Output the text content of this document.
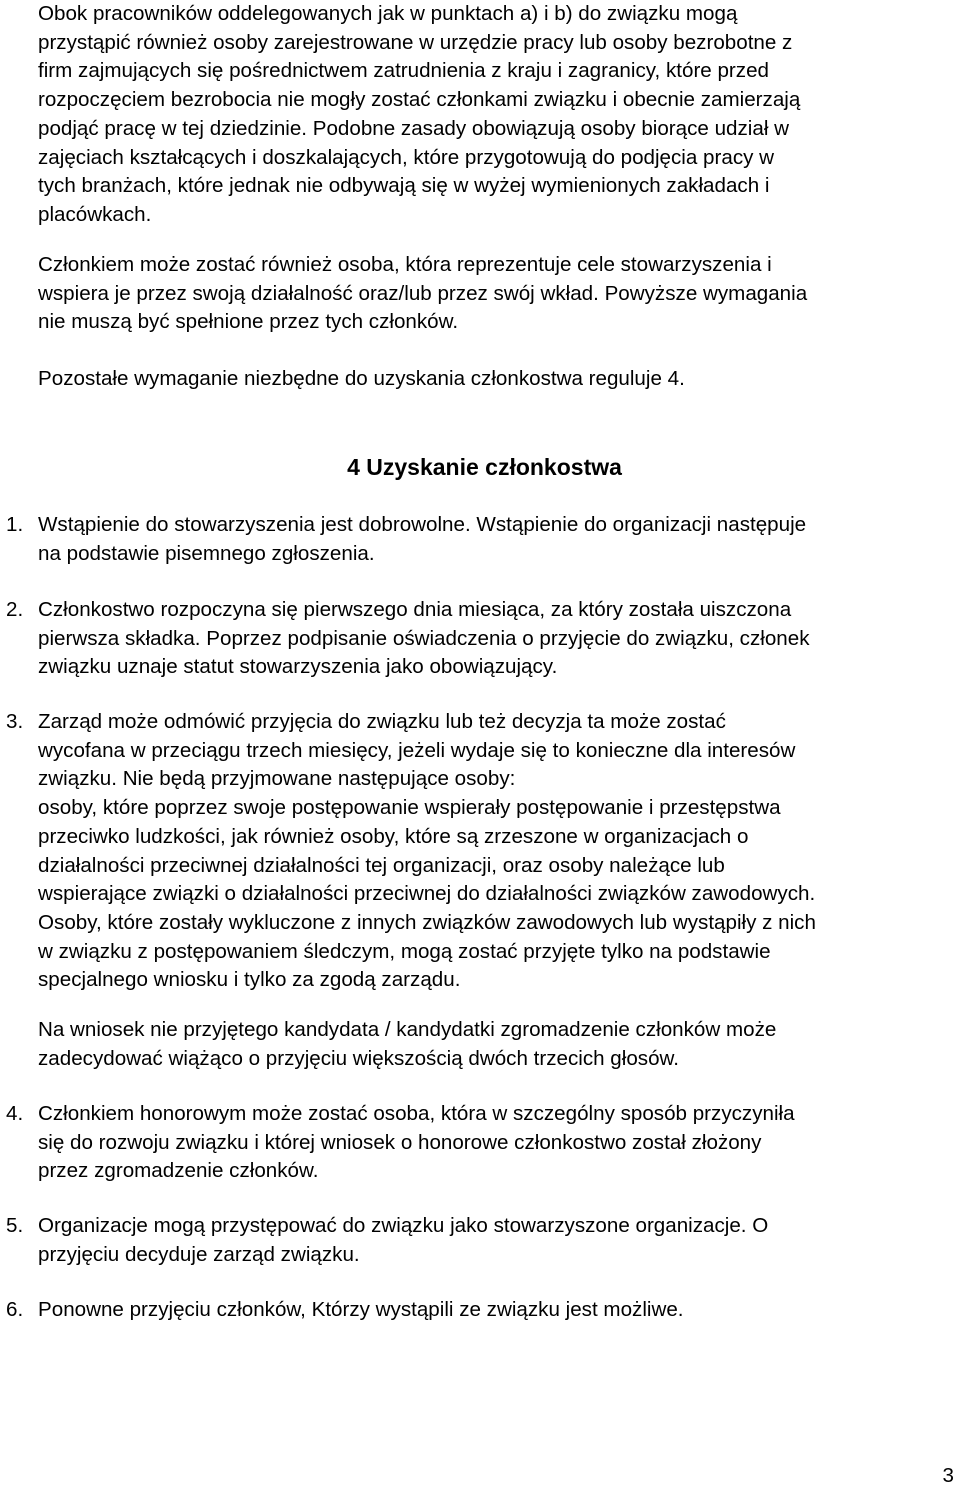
Obok pracowników oddelegowanych jak w punktach a) i b) do związku mogą
przystąpić również osoby zarejestrowane w urzędzie pracy lub osoby bezrobotne z
firm zajmujących się pośrednictwem zatrudnienia z kraju i zagranicy, które przed
rozpoczęciem bezrobocia nie mogły zostać członkami związku i obecnie zamierzają
podjąć pracę w tej dziedzinie. Podobne zasady obowiązują osoby biorące udział w
zajęciach kształcących i doszkalających, które przygotowują do podjęcia pracy w
tych branżach, które jednak nie odbywają się w wyżej wymienionych zakładach i
placówkach.
Członkiem może zostać również osoba, która reprezentuje cele stowarzyszenia i
wspiera je przez swoją działalność oraz/lub przez swój wkład. Powyższe wymagania
nie muszą być spełnione przez tych członków.
Pozostałe wymaganie niezbędne do uzyskania członkostwa reguluje 4.
4 Uzyskanie członkostwa
1. Wstąpienie do stowarzyszenia jest dobrowolne. Wstąpienie do organizacji następuje
na podstawie pisemnego zgłoszenia.
2. Członkostwo rozpoczyna się pierwszego dnia miesiąca, za który została uiszczona
pierwsza składka. Poprzez podpisanie oświadczenia o przyjęcie do związku, członek
związku uznaje statut stowarzyszenia jako obowiązujący.
3. Zarząd może odmówić przyjęcia do związku lub też decyzja ta może zostać
wycofana w przeciągu trzech miesięcy, jeżeli wydaje się to konieczne dla interesów
związku. Nie będą przyjmowane następujące osoby:
osoby, które poprzez swoje postępowanie wspierały postępowanie i przestępstwa
przeciwko ludzkości, jak również osoby, które są zrzeszone w organizacjach o
działalności przeciwnej działalności tej organizacji, oraz osoby należące lub
wspierające związki o działalności przeciwnej do działalności związków zawodowych.
Osoby, które zostały wykluczone z innych związków zawodowych lub wystąpiły z nich
w związku z postępowaniem śledczym, mogą zostać przyjęte tylko na podstawie
specjalnego wniosku i tylko za zgodą zarządu.
Na wniosek nie przyjętego kandydata / kandydatki zgromadzenie członków może
zadecydować wiążąco o przyjęciu większością dwóch trzecich głosów.
4. Członkiem honorowym może zostać osoba, która w szczególny sposób przyczyniła
się do rozwoju związku i której wniosek o honorowe członkostwo został złożony
przez zgromadzenie członków.
5. Organizacje mogą przystępować do związku jako stowarzyszone organizacje. O
przyjęciu decyduje zarząd związku.
6. Ponowne przyjęciu członków, Którzy wystąpili ze związku jest możliwe.
3
